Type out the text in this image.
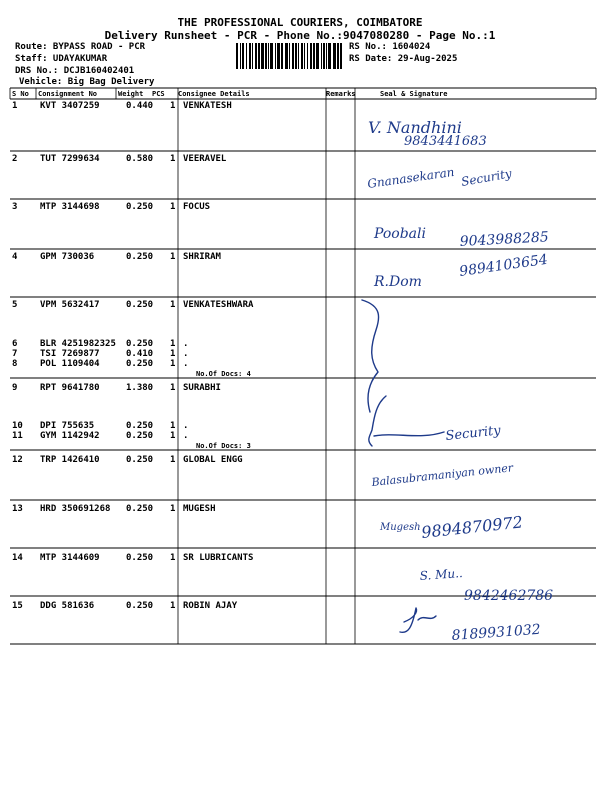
THE PROFESSIONAL COURIERS, COIMBATORE
Delivery Runsheet - PCR - Phone No.:9047080280 - Page No.:1
Route: BYPASS ROAD - PCR
Staff: UDAYAKUMAR
DRS No.: DCJB160402401
Vehicle: Big Bag Delivery
RS No.: 1604024
RS Date: 29-Aug-2025
S No Consignment No	Weight PCS Consignee Details	Remarks	Seal & Signature
1	KVT 3407259	0.440 1 VENKATESH
2	TUT 7299634	0.580 1 VEERAVEL
3	MTP 3144698	0.250 1 FOCUS
4	GPM 730036	0.250 1 SHRIRAM
5	VPM 5632417	0.250 1 VENKATESHWARA
6	BLR 4251982325 0.250 1 .
7	TSI 7269877	0.410 1 .
8	POL 1109404	0.250 1 .
9	RPT 9641780	1.380 1 SURABHI
10 DPI 755635	0.250 1 .
11 GYM 1142942	0.250 1 .
12 TRP 1426410	0.250 1 GLOBAL ENGG
13 HRD 350691268 0.250 1 MUGESH
14 MTP 3144609	0.250 1 SR LUBRICANTS
15 DDG 581636	0.250 1 ROBIN AJAY
No.Of Docs: 4
No.Of Docs: 3
V. Nandhini
9843441683
Gnanasekaran Security
Poobali 9043988285
R.Dom
9894103654
Security
Balasubramaniyan owner
Mugesh 9894870972
S. Mu..
9842462786
8189931032
